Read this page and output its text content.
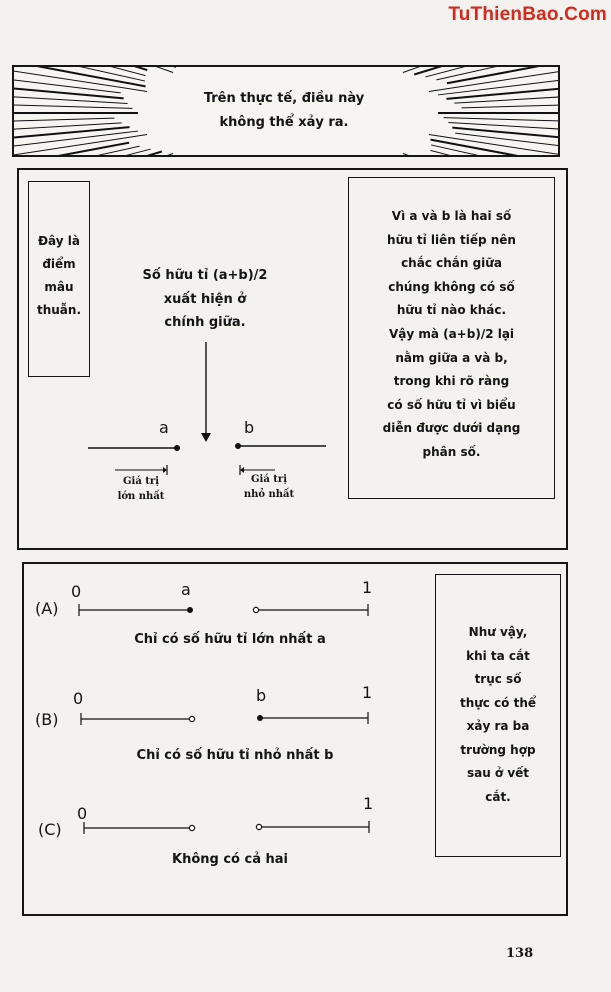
TuThienBao.Com
Trên thực tế, điều này
không thể xảy ra.
Đây là
điểm
mâu
thuẫn.
Số hữu tỉ (a+b)/2
xuất hiện ở
chính giữa.
a	b
Giá trị
lớn nhất
Giá trị
nhỏ nhất
Vì a và b là hai số
hữu tỉ liên tiếp nên
chắc chắn giữa
chúng không có số
hữu tỉ nào khác.
Vậy mà (a+b)/2 lại
nằm giữa a và b,
trong khi rõ ràng
có số hữu tỉ vì biểu
diễn được dưới dạng
phân số.
(A)
0	a	1
Chỉ có số hữu tỉ lớn nhất a
(B)
0	b	1
Chỉ có số hữu tỉ nhỏ nhất b
(C)
0
1
Không có cả hai
Như vậy,
khi ta cắt
trục số
thực có thể
xảy ra ba
trường hợp
sau ở vết
cắt.
138
